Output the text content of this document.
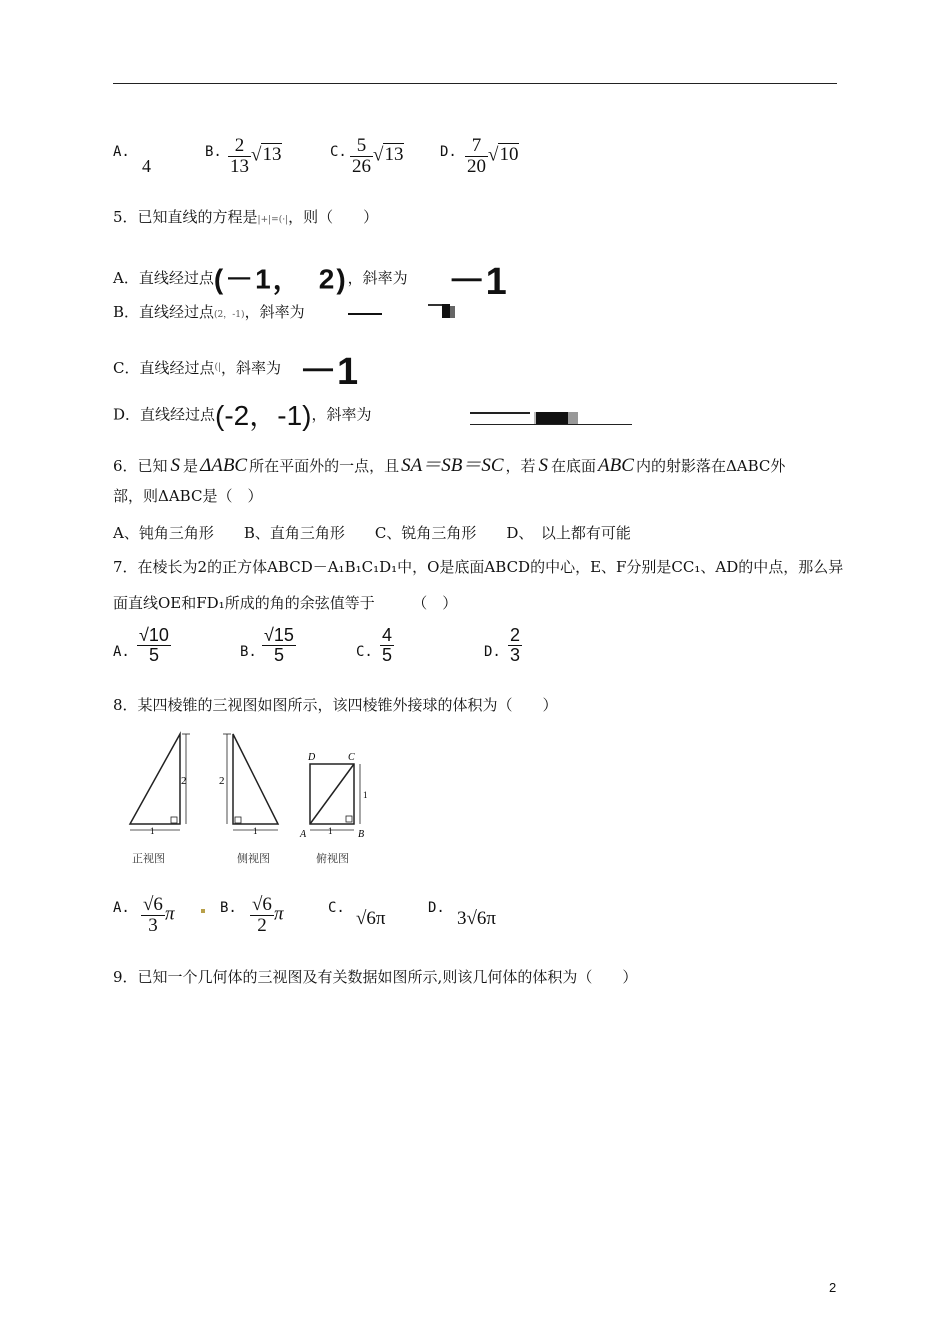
A.
4
B. $\frac{2}{13} √13$	C. $\frac{5}{26} √13$	D. $\frac{7}{20} √10$
5．已知直线的方程是|+|=(·|，则（　　）
A．直线经过点(－1，　2)，斜率为 －1
B．直线经过点(2，-1)，斜率为
C．直线经过点(|，斜率为 －1
D．直线经过点(-2，-1)，斜率为
6．已知 S 是 ΔABC 所在平面外的一点，且 SA＝SB＝SC ，若 S 在底面 ABC 内的射影落在ΔABC外
部，则ΔABC是（　）
A、钝角三角形　　B、直角三角形　　C、锐角三角形　　D、　以上都有可能
7．在棱长为2的正方体ABCD－A₁B₁C₁D₁中，O是底面ABCD的中心，E、F分别是CC₁、AD的中点，那么异
面直线OE和FD₁所成的角的余弦值等于　　　（　）
A. $\frac{√10}{5}$	B. $\frac{√15}{5}$	C. $\frac{4}{5}$	D. $\frac{2}{3}$
8．某四棱锥的三视图如图所示，该四棱锥外接球的体积为（　　）
2
1
正视图
2
1
侧视图
D	C
A	B
1
1
俯视图
A. $\frac{√6}{3}$ π	B. $\frac{√6}{2}$ π	C. √6π	D. 3√6π
9．已知一个几何体的三视图及有关数据如图所示,则该几何体的体积为（　　）
2
